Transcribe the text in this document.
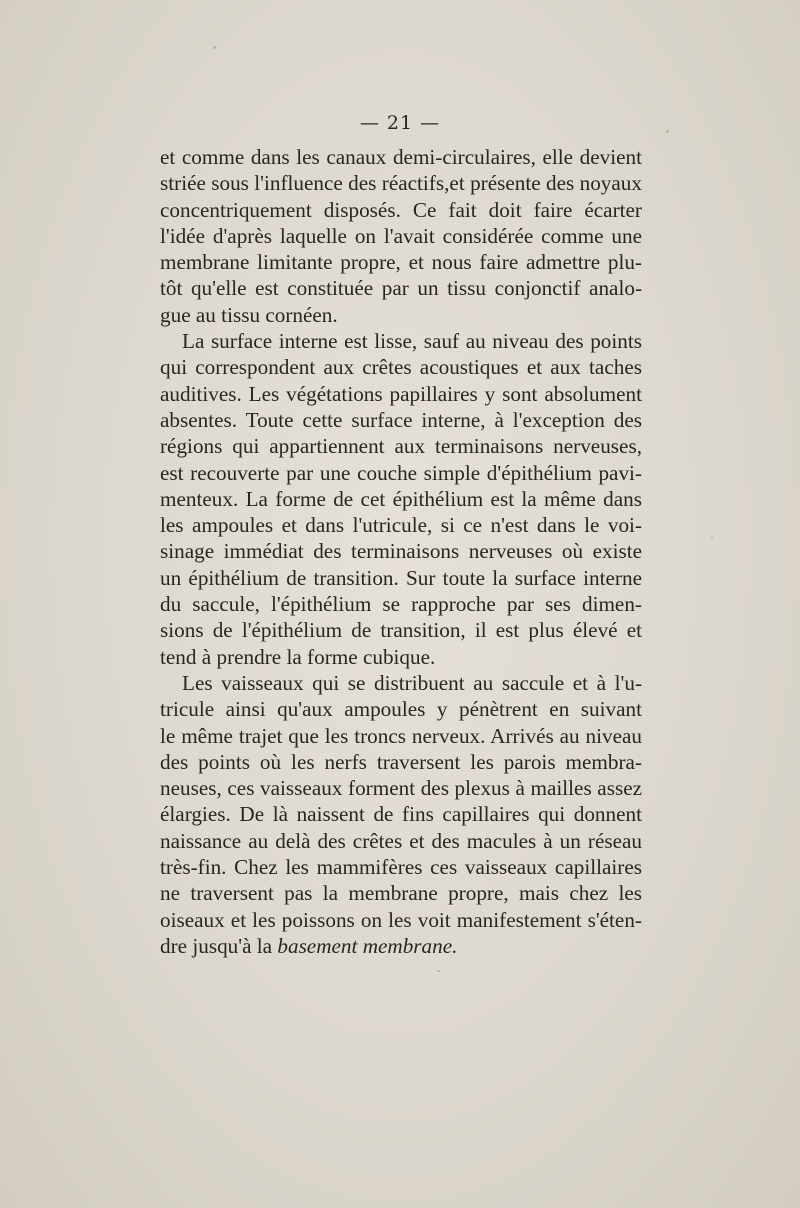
— 21 —
et comme dans les canaux demi-circulaires, elle devient
striée sous l'influence des réactifs,et présente des noyaux
concentriquement disposés. Ce fait doit faire écarter
l'idée d'après laquelle on l'avait considérée comme une
membrane limitante propre, et nous faire admettre plu-
tôt qu'elle est constituée par un tissu conjonctif analo-
gue au tissu cornéen.
La surface interne est lisse, sauf au niveau des points
qui correspondent aux crêtes acoustiques et aux taches
auditives. Les végétations papillaires y sont absolument
absentes. Toute cette surface interne, à l'exception des
régions qui appartiennent aux terminaisons nerveuses,
est recouverte par une couche simple d'épithélium pavi-
menteux. La forme de cet épithélium est la même dans
les ampoules et dans l'utricule, si ce n'est dans le voi-
sinage immédiat des terminaisons nerveuses où existe
un épithélium de transition. Sur toute la surface interne
du saccule, l'épithélium se rapproche par ses dimen-
sions de l'épithélium de transition, il est plus élevé et
tend à prendre la forme cubique.
Les vaisseaux qui se distribuent au saccule et à l'u-
tricule ainsi qu'aux ampoules y pénètrent en suivant
le même trajet que les troncs nerveux. Arrivés au niveau
des points où les nerfs traversent les parois membra-
neuses, ces vaisseaux forment des plexus à mailles assez
élargies. De là naissent de fins capillaires qui donnent
naissance au delà des crêtes et des macules à un réseau
très-fin. Chez les mammifères ces vaisseaux capillaires
ne traversent pas la membrane propre, mais chez les
oiseaux et les poissons on les voit manifestement s'éten-
dre jusqu'à la basement membrane.
